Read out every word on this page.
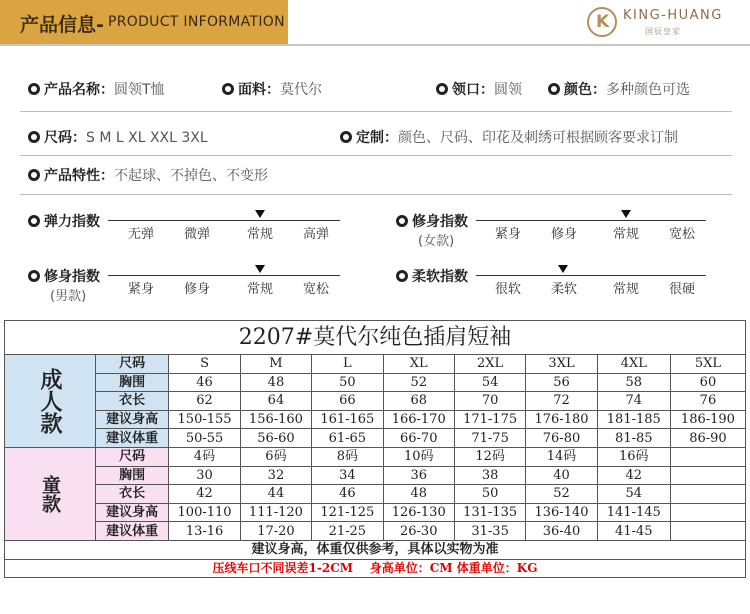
产品信息- PRODUCT INFORMATION K	KING-HUANG
国辰皇家
产品名称：圆领T恤	面料：莫代尔	领口：圆领	颜色：多种颜色可选
尺码：S M L XL XXL 3XL	定制：颜色、尺码、印花及刺绣可根据顾客要求订制
产品特性：不起球、不掉色、不变形
弹力指数
无弹	微弹	常规	高弹
修身指数
(女款)	紧身	修身	常规	宽松
修身指数
(男款)	紧身	修身	常规	宽松
柔软指数
很软	柔软	常规	很硬
2207#莫代尔纯色插肩短袖									
成人款	尺码	S	M	L	XL	2XL	3XL	4XL	5XL
	胸围	46	48	50	52	54	56	58	60
	衣长	62	64	66	68	70	72	74	76
	建议身高	150-155	156-160	161-165	166-170	171-175	176-180	181-185	186-190
	建议体重	50-55	56-60	61-65	66-70	71-75	76-80	81-85	86-90
童款	尺码	4码	6码	8码	10码	12码	14码	16码	
	胸围	30	32	34	36	38	40	42	
	衣长	42	44	46	48	50	52	54	
	建议身高	100-110	111-120	121-125	126-130	131-135	136-140	141-145	
	建议体重	13-16	17-20	21-25	26-30	31-35	36-40	41-45	
建议身高，体重仅供参考，具体以实物为准									
压线车口不同误差1-2CM    身高单位：CM 体重单位：KG									
